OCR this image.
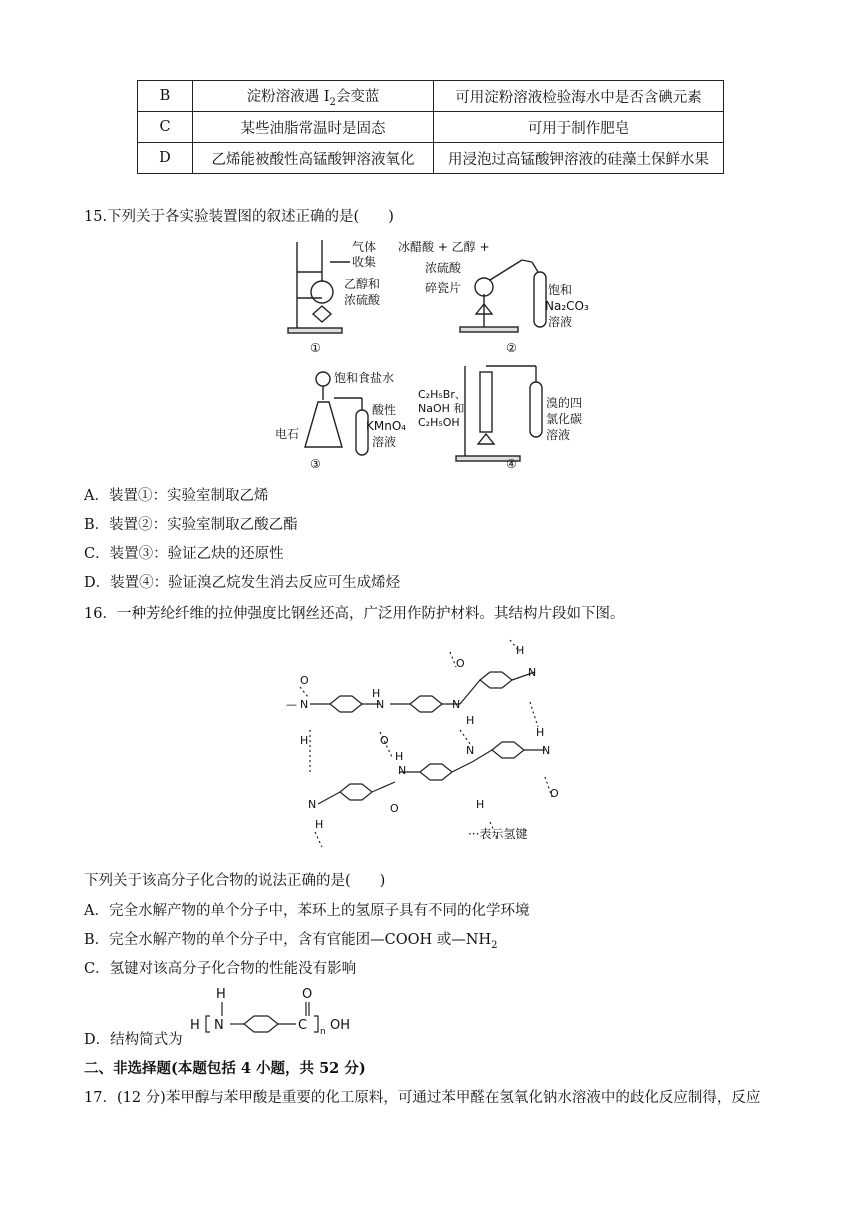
B	淀粉溶液遇 $I_2$会变蓝	可用淀粉溶液检验海水中是否含碘元素
C	某些油脂常温时是固态	可用于制作肥皂
D	乙烯能被酸性高锰酸钾溶液氧化	用浸泡过高锰酸钾溶液的硅藻土保鲜水果
15.下列关于各实验装置图的叙述正确的是(　　)
气体
收集
乙醇和
浓硫酸
①
冰醋酸 + 乙醇 +
浓硫酸
碎瓷片	饱和
Na₂CO₃
溶液
②
饱和食盐水
酸性
KMnO₄
溶液
电石
③
C₂H₅Br、
NaOH 和
C₂H₅OH
溴的四
氯化碳
溶液
④
A．装置①：实验室制取乙烯
B．装置②：实验室制取乙酸乙酯
C．装置③：验证乙炔的还原性
D．装置④：验证溴乙烷发生消去反应可生成烯烃
16．一种芳纶纤维的拉伸强度比钢丝还高，广泛用作防护材料。其结构片段如下图。
O
H
— N
H
N
O
N
O
H
H
N
H
N
N
H
H
N
O
N
H
O
···表示氢键
下列关于该高分子化合物的说法正确的是(　　)
A．完全水解产物的单个分子中，苯环上的氢原子具有不同的化学环境
B．完全水解产物的单个分子中，含有官能团—COOH 或$—NH_2$
C．氢键对该高分子化合物的性能没有影响
D．结构简式为
H
H N
O
C n OH
二、非选择题(本题包括 4 小题，共 52 分)
17．(12 分)苯甲醇与苯甲酸是重要的化工原料，可通过苯甲醛在氢氧化钠水溶液中的歧化反应制得，反应
